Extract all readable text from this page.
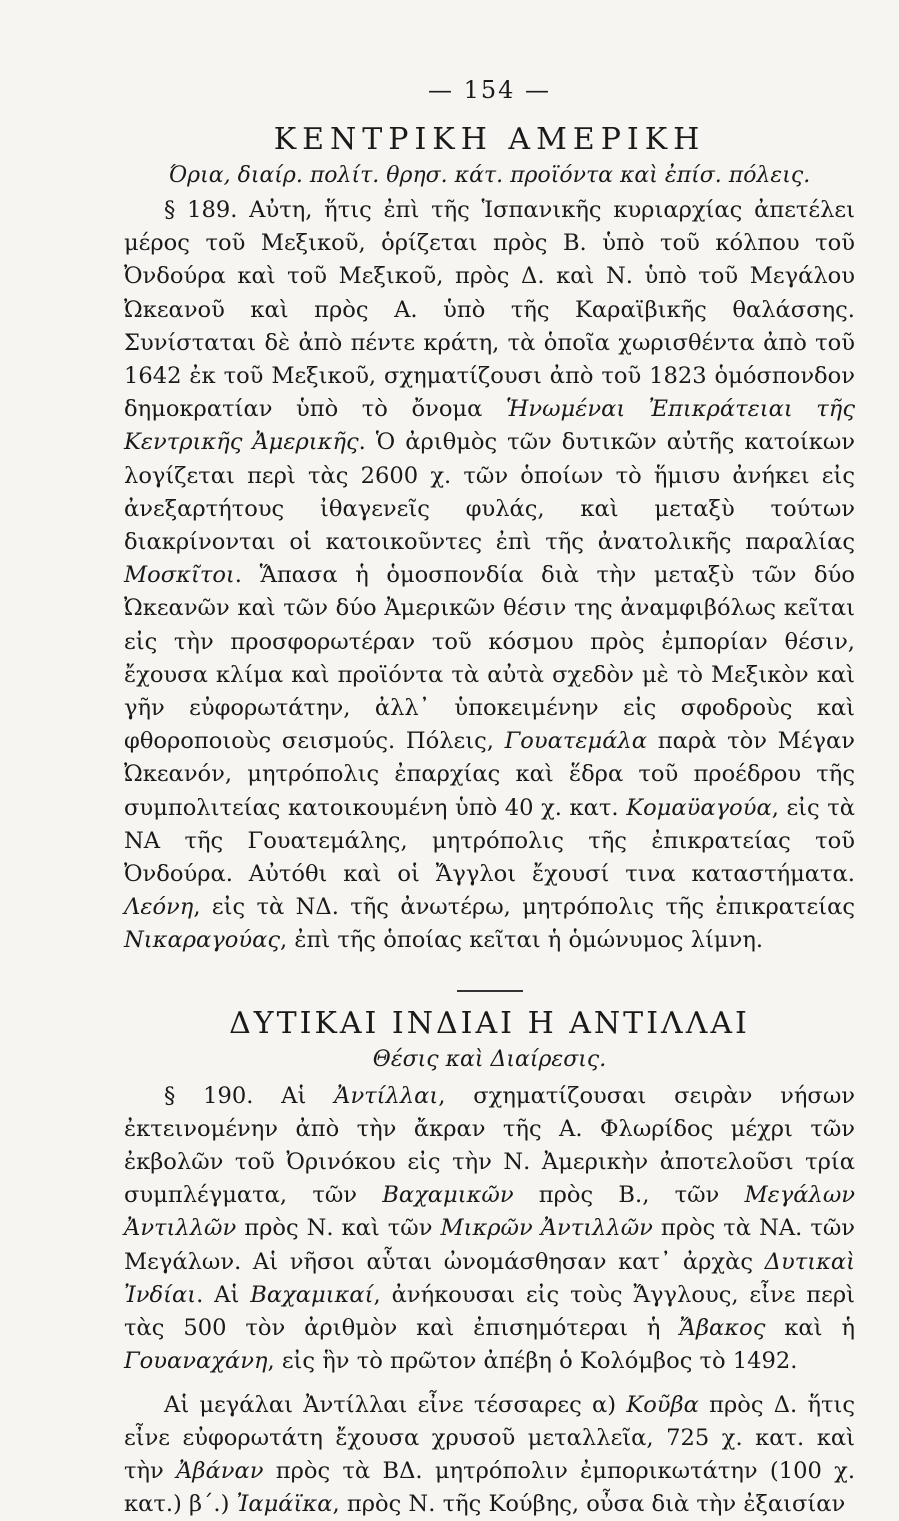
— 154 —
ΚΕΝΤΡΙΚΗ ΑΜΕΡΙΚΗ
Όρια, διαίρ. πολίτ. θρησ. κάτ. προϊόντα καὶ ἐπίσ. πόλεις.

§ 189. Αὐτη, ἥτις ἐπὶ τῆς Ἱσπανικῆς κυριαρχίας ἀπετέλει μέρος τοῦ Μεξικοῦ, ὁρίζεται πρὸς Β. ὑπὸ τοῦ κόλπου τοῦ Ὀνδούρα καὶ τοῦ Μεξικοῦ, πρὸς Δ. καὶ Ν. ὑπὸ τοῦ Μεγάλου Ὠκεανοῦ καὶ πρὸς Α. ὑπὸ τῆς Καραϊβικῆς θαλάσσης. Συνίσταται δὲ ἀπὸ πέντε κράτη, τὰ ὁποῖα χωρισθέντα ἀπὸ τοῦ 1642 ἐκ τοῦ Μεξικοῦ, σχηματίζουσι ἀπὸ τοῦ 1823 ὁμόσπονδον δημοκρατίαν ὑπὸ τὸ ὄνομα Ἡνωμέναι Ἐπικράτειαι τῆς Κεντρικῆς Ἀμερικῆς. Ὁ ἀριθμὸς τῶν δυτικῶν αὐτῆς κατοίκων λογίζεται περὶ τὰς 2600 χ. τῶν ὁποίων τὸ ἥμισυ ἀνήκει εἰς ἀνεξαρτήτους ἰθαγενεῖς φυλάς, καὶ μεταξὺ τούτων διακρίνονται οἱ κατοικοῦντες ἐπὶ τῆς ἀνατολικῆς παραλίας Μοσκῖτοι. Ἅπασα ἡ ὁμοσπονδία διὰ τὴν μεταξὺ τῶν δύο Ὠκεανῶν καὶ τῶν δύο Ἀμερικῶν θέσιν της ἀναμφιβόλως κεῖται εἰς τὴν προσφορωτέραν τοῦ κόσμου πρὸς ἐμπορίαν θέσιν, ἔχουσα κλίμα καὶ προϊόντα τὰ αὐτὰ σχεδὸν μὲ τὸ Μεξικὸν καὶ γῆν εὐφορωτάτην, ἀλλ᾽ ὑποκειμένην εἰς σφοδροὺς καὶ φθοροποιοὺς σεισμούς. Πόλεις, Γουατεμάλα παρὰ τὸν Μέγαν Ὠκεανόν, μητρόπολις ἐπαρχίας καὶ ἕδρα τοῦ προέδρου τῆς συμπολιτείας κατοικουμένη ὑπὸ 40 χ. κατ. Κομαϋαγούα, εἰς τὰ ΝΑ τῆς Γουατεμάλης, μητρόπολις τῆς ἐπικρατείας τοῦ Ὀνδούρα. Αὐτόθι καὶ οἱ Ἄγγλοι ἔχουσί τινα καταστήματα. Λεόνη, εἰς τὰ ΝΔ. τῆς ἀνωτέρω, μητρόπολις τῆς ἐπικρατείας Νικαραγούας, ἐπὶ τῆς ὁποίας κεῖται ἡ ὁμώνυμος λίμνη.

ΔΥΤΙΚΑΙ ΙΝΔΙΑΙ Η ΑΝΤΙΛΛΑΙ
Θέσις καὶ Διαίρεσις.

§ 190. Αἱ Ἀντίλλαι, σχηματίζουσαι σειρὰν νήσων ἐκτεινομένην ἀπὸ τὴν ἄκραν τῆς Α. Φλωρίδος μέχρι τῶν ἐκβολῶν τοῦ Ὀρινόκου εἰς τὴν Ν. Ἀμερικὴν ἀποτελοῦσι τρία συμπλέγματα, τῶν Βαχαμικῶν πρὸς Β., τῶν Μεγάλων Ἀντιλλῶν πρὸς Ν. καὶ τῶν Μικρῶν Ἀντιλλῶν πρὸς τὰ ΝΑ. τῶν Μεγάλων. Αἱ νῆσοι αὗται ὠνομάσθησαν κατ᾽ ἀρχὰς Δυτικαὶ Ἰνδίαι. Αἱ Βαχαμικαί, ἀνήκουσαι εἰς τοὺς Ἄγγλους, εἶνε περὶ τὰς 500 τὸν ἀριθμὸν καὶ ἐπισημότεραι ἡ Ἄβακος καὶ ἡ Γουαναχάνη, εἰς ἣν τὸ πρῶτον ἀπέβη ὁ Κολόμβος τὸ 1492.

Αἱ μεγάλαι Ἀντίλλαι εἶνε τέσσαρες α) Κοῦβα πρὸς Δ. ἥτις εἶνε εὐφορωτάτη ἔχουσα χρυσοῦ μεταλλεῖα, 725 χ. κατ. καὶ τὴν Ἀβάναν πρὸς τὰ ΒΔ. μητρόπολιν ἐμπορικωτάτην (100 χ. κατ.) β΄.) Ἰαμάϊκα, πρὸς Ν. τῆς Κούβης, οὖσα διὰ τὴν ἐξαισίαν
